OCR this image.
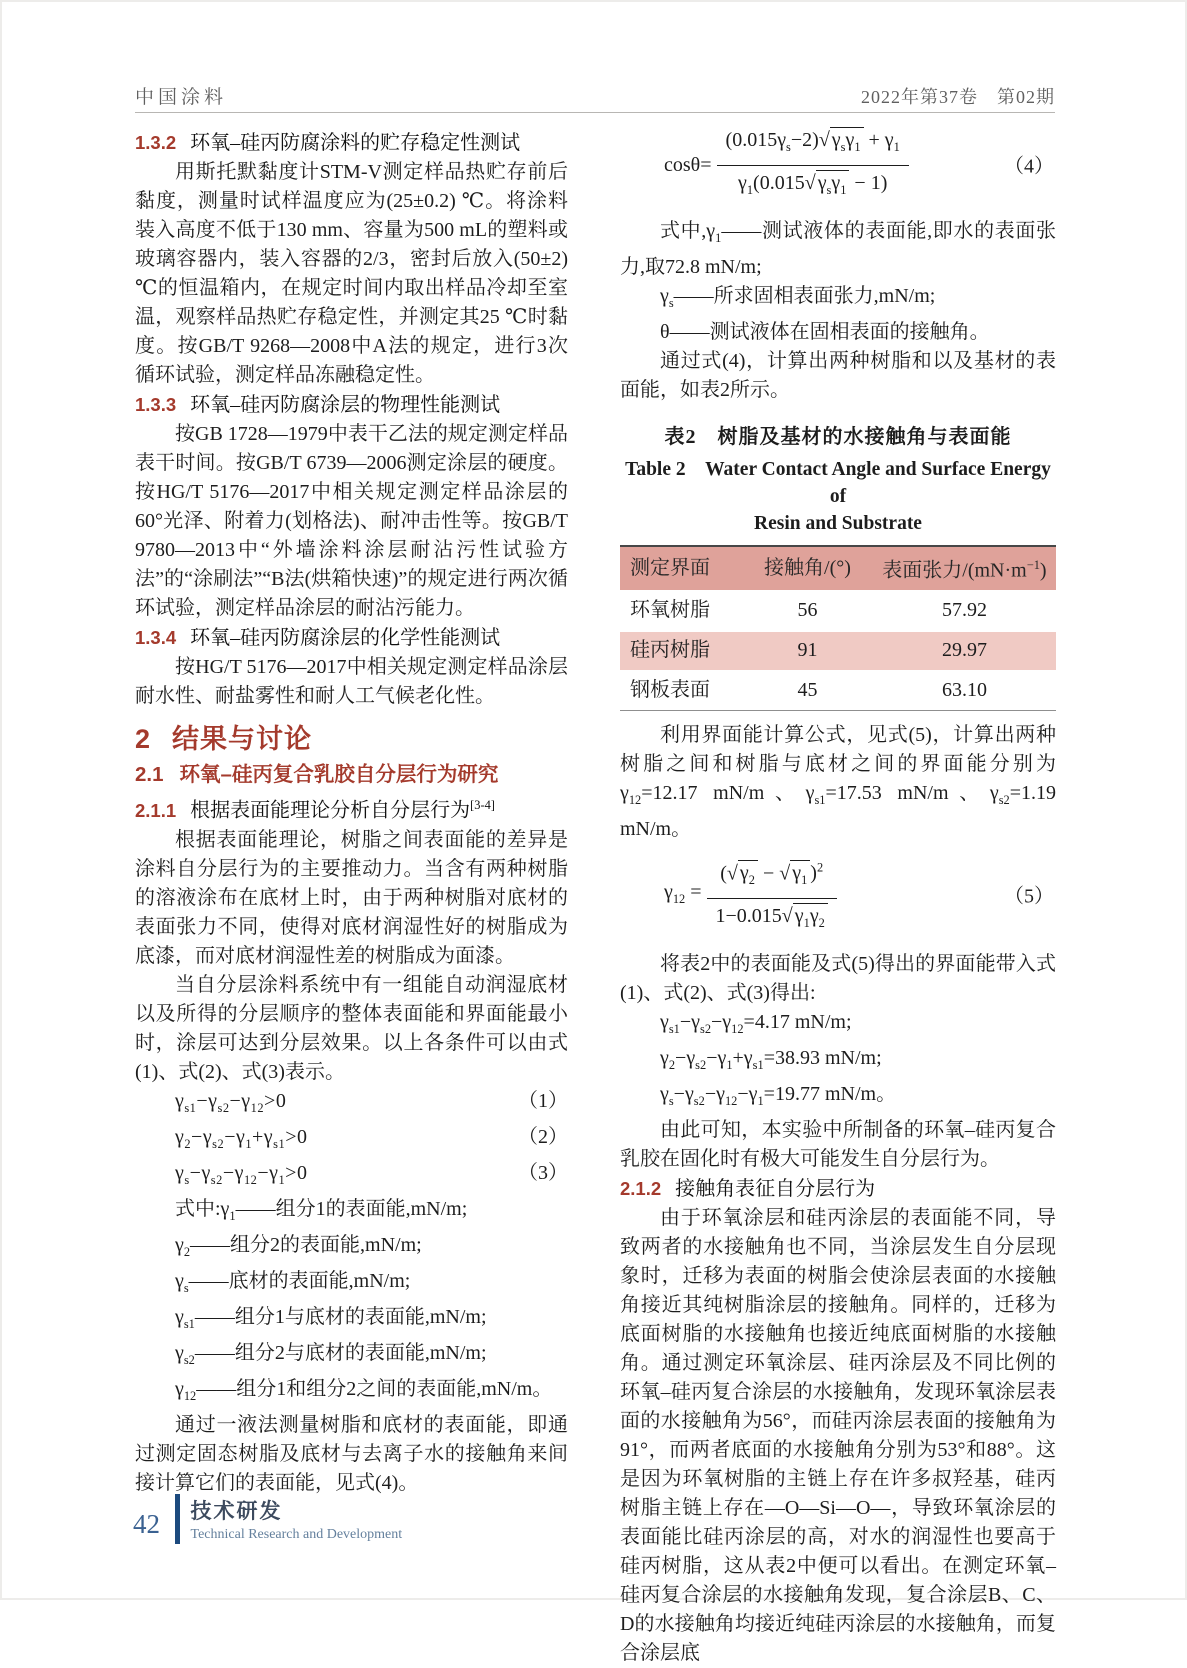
中国涂料	2022年第37卷　第02期
1.3.2 环氧–硅丙防腐涂料的贮存稳定性测试

用斯托默黏度计STM-V测定样品热贮存前后黏度，测量时试样温度应为(25±0.2) ℃。将涂料装入高度不低于130 mm、容量为500 mL的塑料或玻璃容器内，装入容器的2/3，密封后放入(50±2) ℃的恒温箱内，在规定时间内取出样品冷却至室温，观察样品热贮存稳定性，并测定其25 ℃时黏度。按GB/T 9268—2008中A法的规定，进行3次循环试验，测定样品冻融稳定性。

1.3.3 环氧–硅丙防腐涂层的物理性能测试

按GB 1728—1979中表干乙法的规定测定样品表干时间。按GB/T 6739—2006测定涂层的硬度。按HG/T 5176—2017中相关规定测定样品涂层的60°光泽、附着力(划格法)、耐冲击性等。按GB/T 9780—2013中“外墙涂料涂层耐沾污性试验方法”的“涂刷法”“B法(烘箱快速)”的规定进行两次循环试验，测定样品涂层的耐沾污能力。

1.3.4 环氧–硅丙防腐涂层的化学性能测试

按HG/T 5176—2017中相关规定测定样品涂层耐水性、耐盐雾性和耐人工气候老化性。

2 结果与讨论
2.1 环氧–硅丙复合乳胶自分层行为研究
2.1.1 根据表面能理论分析自分层行为[3-4]

根据表面能理论，树脂之间表面能的差异是涂料自分层行为的主要推动力。当含有两种树脂的溶液涂布在底材上时，由于两种树脂对底材的表面张力不同，使得对底材润湿性好的树脂成为底漆，而对底材润湿性差的树脂成为面漆。

当自分层涂料系统中有一组能自动润湿底材以及所得的分层顺序的整体表面能和界面能最小时，涂层可达到分层效果。以上各条件可以由式(1)、式(2)、式(3)表示。

$\gamma_{s1}-\gamma_{s2}-\gamma_{12}>0$	（1）
$\gamma_2-\gamma_{s2}-\gamma_1+\gamma_{s1}>0$	（2）
$\gamma_s-\gamma_{s2}-\gamma_{12}-\gamma_1>0$	（3）

式中$:\gamma_1——$组分1的表面能,mN/m;

$\gamma_2——$组分2的表面能,mN/m;

$\gamma_s——$底材的表面能,mN/m;

$\gamma_{s1}——$组分1与底材的表面能,mN/m;

$\gamma_{s2}——$组分2与底材的表面能,mN/m;

$\gamma_{12}——$组分1和组分2之间的表面能,mN/m。

通过一液法测量树脂和底材的表面能，即通过测定固态树脂及底材与去离子水的接触角来间接计算它们的表面能，见式(4)。

$\cos\theta= \frac{(0.015\gamma_s-2)√ \gamma_s\gamma_1 + \gamma_1}{\gamma_1(0.015√ \gamma_s\gamma_1 - 1)}$	（4）

式中$,\gamma_1——$测试液体的表面能,即水的表面张力,取72.8 mN/m;

$\gamma_s——$所求固相表面张力,mN/m;

θ——测试液体在固相表面的接触角。

通过式(4)，计算出两种树脂和以及基材的表面能，如表2所示。

表2　树脂及基材的水接触角与表面能

Table 2　Water Contact Angle and Surface Energy of
Resin and Substrate

测定界面	接触角/(°)	表面张力$/(mN\cdot m^{-1})$
环氧树脂	56	57.92
硅丙树脂	91	29.97
钢板表面	45	63.10

利用界面能计算公式，见式(5)，计算出两种树脂之间和树脂与底材之间的界面能分别为$\gamma_{12}=12.17$ mN/m、$\gamma_{s1}=17.53$ mN/m、$\gamma_{s2}=1.19$ mN/m。

$\gamma_{12} = \frac{(√ \gamma_2 - √ \gamma_1 )^2}{1-0.015√ \gamma_1\gamma_2}$	（5）

将表2中的表面能及式(5)得出的界面能带入式(1)、式(2)、式(3)得出:

$\gamma_{s1}-\gamma_{s2}-\gamma_{12}=4.17$ mN/m;

$\gamma_2-\gamma_{s2}-\gamma_1+\gamma_{s1}=38.93$ mN/m;

$\gamma_s-\gamma_{s2}-\gamma_{12}-\gamma_1=19.77$ mN/m。

由此可知，本实验中所制备的环氧–硅丙复合乳胶在固化时有极大可能发生自分层行为。

2.1.2 接触角表征自分层行为

由于环氧涂层和硅丙涂层的表面能不同，导致两者的水接触角也不同，当涂层发生自分层现象时，迁移为表面的树脂会使涂层表面的水接触角接近其纯树脂涂层的接触角。同样的，迁移为底面树脂的水接触角也接近纯底面树脂的水接触角。通过测定环氧涂层、硅丙涂层及不同比例的环氧–硅丙复合涂层的水接触角，发现环氧涂层表面的水接触角为56°，而硅丙涂层表面的接触角为91°，而两者底面的水接触角分别为53°和88°。这是因为环氧树脂的主链上存在许多叔羟基，硅丙树脂主链上存在—O—Si—O—，导致环氧涂层的表面能比硅丙涂层的高，对水的润湿性也要高于硅丙树脂，这从表2中便可以看出。在测定环氧–硅丙复合涂层的水接触角发现，复合涂层B、C、D的水接触角均接近纯硅丙涂层的水接触角，而复合涂层底

42 技术研发
Technical Research and Development
